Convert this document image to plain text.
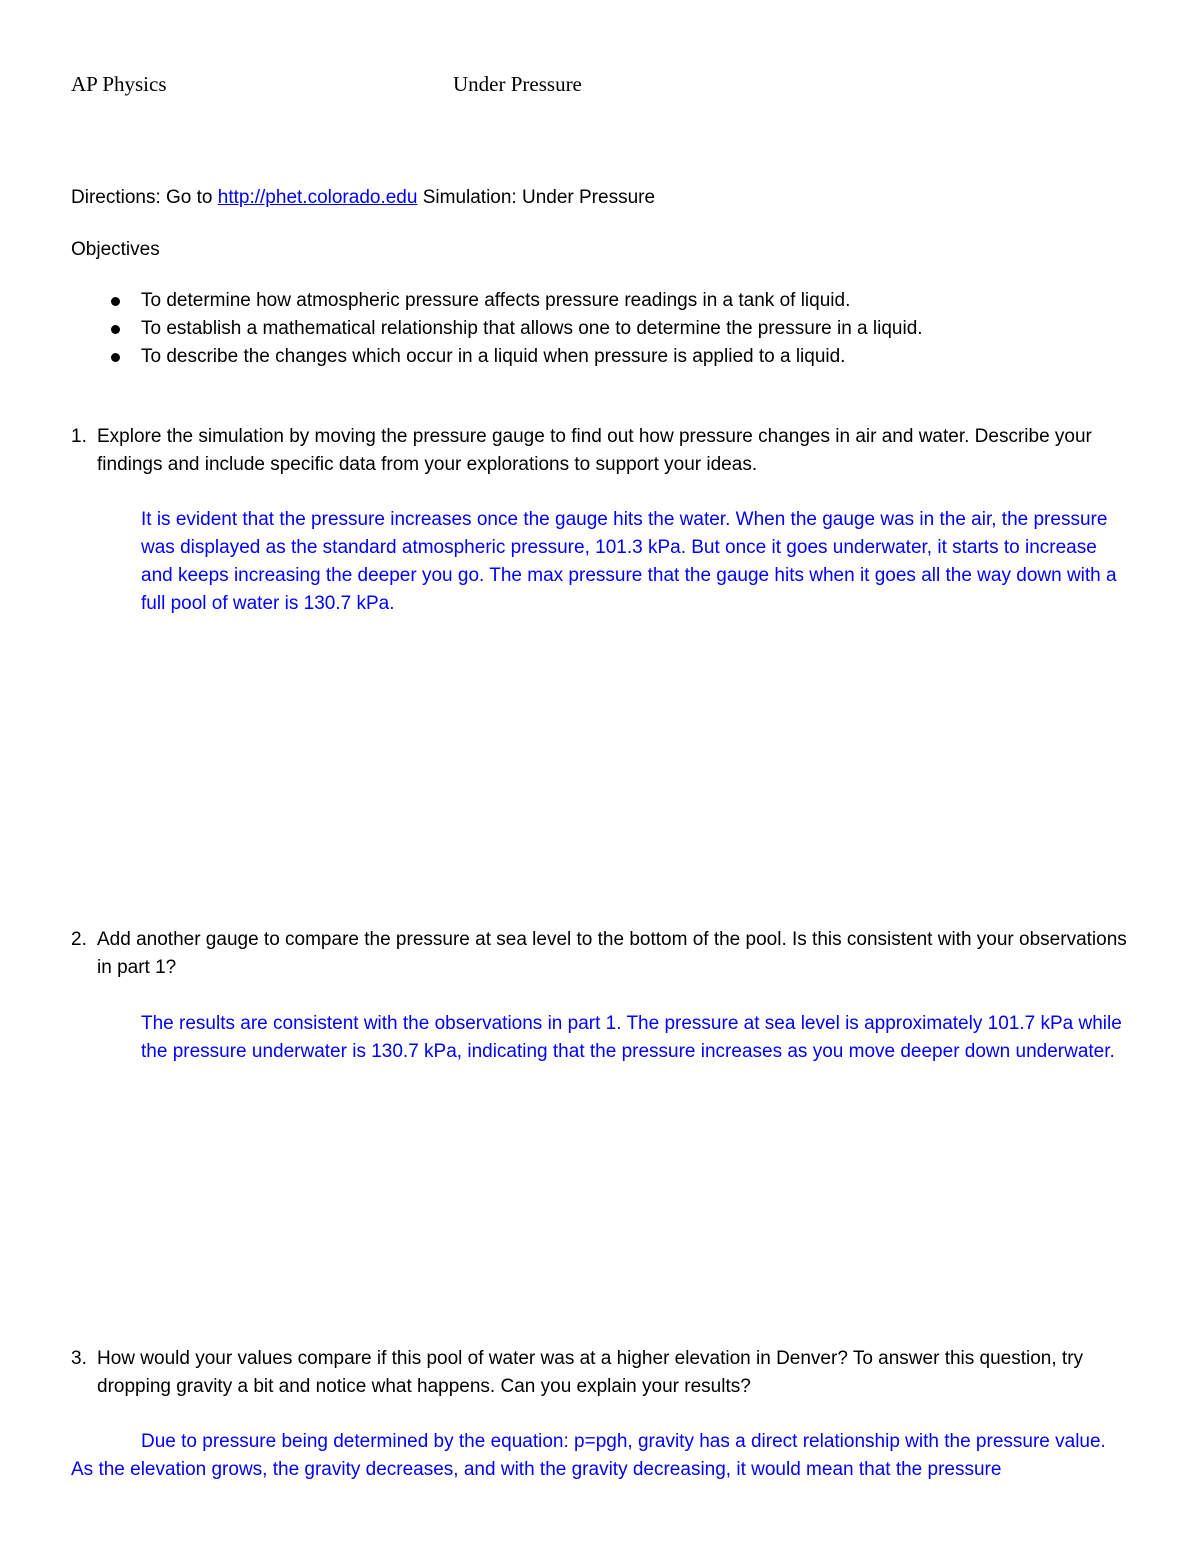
AP Physics	Under Pressure
Directions: Go to http://phet.colorado.edu Simulation: Under Pressure
Objectives
To determine how atmospheric pressure affects pressure readings in a tank of liquid.
To establish a mathematical relationship that allows one to determine the pressure in a liquid.
To describe the changes which occur in a liquid when pressure is applied to a liquid.
1. Explore the simulation by moving the pressure gauge to find out how pressure changes in air and water. Describe your findings and include specific data from your explorations to support your ideas.
It is evident that the pressure increases once the gauge hits the water. When the gauge was in the air, the pressure was displayed as the standard atmospheric pressure, 101.3 kPa. But once it goes underwater, it starts to increase and keeps increasing the deeper you go. The max pressure that the gauge hits when it goes all the way down with a full pool of water is 130.7 kPa.
2. Add another gauge to compare the pressure at sea level to the bottom of the pool. Is this consistent with your observations in part 1?
The results are consistent with the observations in part 1. The pressure at sea level is approximately 101.7 kPa while the pressure underwater is 130.7 kPa, indicating that the pressure increases as you move deeper down underwater.
3. How would your values compare if this pool of water was at a higher elevation in Denver? To answer this question, try dropping gravity a bit and notice what happens. Can you explain your results?
Due to pressure being determined by the equation: p=pgh, gravity has a direct relationship with the pressure value. As the elevation grows, the gravity decreases, and with the gravity decreasing, it would mean that the pressure
